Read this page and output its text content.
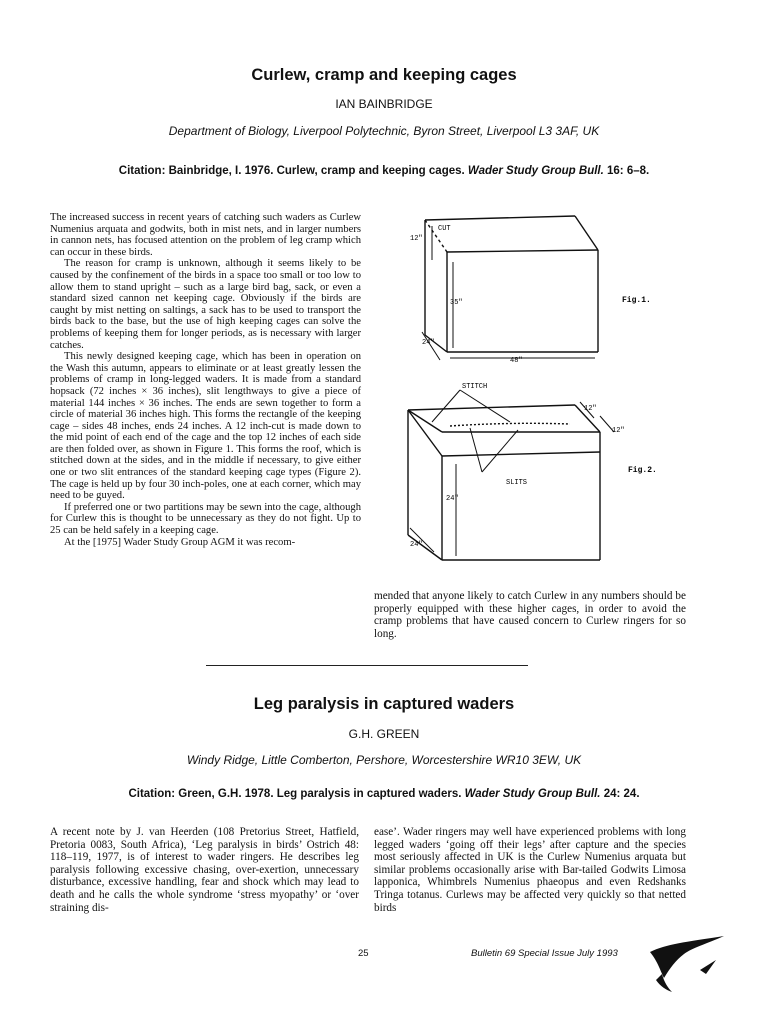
Curlew, cramp and keeping cages
IAN BAINBRIDGE
Department of Biology, Liverpool Polytechnic, Byron Street, Liverpool L3 3AF, UK
Citation: Bainbridge, I. 1976. Curlew, cramp and keeping cages. Wader Study Group Bull. 16: 6–8.

The increased success in recent years of catching such waders as Curlew Numenius arquata and godwits, both in mist nets, and in larger numbers in cannon nets, has focused attention on the problem of leg cramp which can occur in these birds.

The reason for cramp is unknown, although it seems likely to be caused by the confinement of the birds in a space too small or too low to allow them to stand upright – such as a large bird bag, sack, or even a standard sized cannon net keeping cage. Obviously if the birds are caught by mist netting on saltings, a sack has to be used to transport the birds back to the base, but the use of high keeping cages can solve the problems of keeping them for longer periods, as is necessary with larger catches.

This newly designed keeping cage, which has been in operation on the Wash this autumn, appears to eliminate or at least greatly lessen the problems of cramp in long-legged waders. It is made from a standard hopsack (72 inches × 36 inches), slit lengthways to give a piece of material 144 inches × 36 inches. The ends are sewn together to form a circle of material 36 inches high. This forms the rectangle of the keeping cage – sides 48 inches, ends 24 inches. A 12 inch-cut is made down to the mid point of each end of the cage and the top 12 inches of each side are then folded over, as shown in Figure 1. This forms the roof, which is stitched down at the sides, and in the middle if necessary, to give either one or two slit entrances of the standard keeping cage types (Figure 2). The cage is held up by four 30 inch-poles, one at each corner, which may need to be guyed.

If preferred one or two partitions may be sewn into the cage, although for Curlew this is thought to be unnecessary as they do not fight. Up to 25 can be held safely in a keeping cage.

At the [1975] Wader Study Group AGM it was recom-

CUT
12"
35"
24"
48"
Fig.1.
STITCH
SLITS
12"
12"
24"
24"
Fig.2.

mended that anyone likely to catch Curlew in any numbers should be properly equipped with these higher cages, in order to avoid the cramp problems that have caused concern to Curlew ringers for so long.

Leg paralysis in captured waders
G.H. GREEN
Windy Ridge, Little Comberton, Pershore, Worcestershire WR10 3EW, UK
Citation: Green, G.H. 1978. Leg paralysis in captured waders. Wader Study Group Bull. 24: 24.

A recent note by J. van Heerden (108 Pretorius Street, Hatfield, Pretoria 0083, South Africa), ‘Leg paralysis in birds’ Ostrich 48: 118–119, 1977, is of interest to wader ringers. He describes leg paralysis following excessive chasing, over-exertion, unnecessary disturbance, excessive handling, fear and shock which may lead to death and he calls the whole syndrome ‘stress myopathy’ or ‘over straining dis-

ease’. Wader ringers may well have experienced problems with long legged waders ‘going off their legs’ after capture and the species most seriously affected in UK is the Curlew Numenius arquata but similar problems occasionally arise with Bar-tailed Godwits Limosa lapponica, Whimbrels Numenius phaeopus and even Redshanks Tringa totanus. Curlews may be affected very quickly so that netted birds

25	Bulletin 69 Special Issue July 1993
